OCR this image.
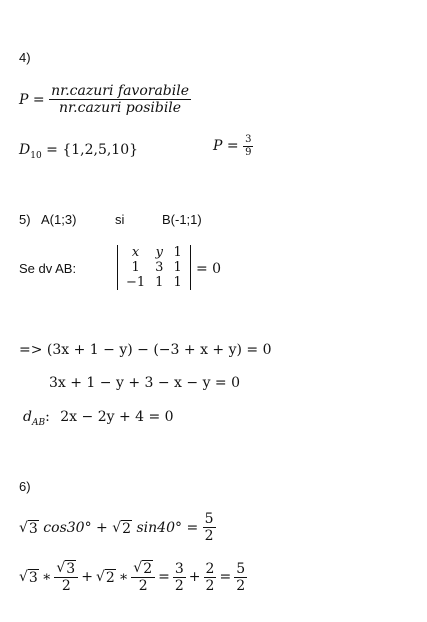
4)
$P = \frac{\text{nr.cazuri favorabile}}{\text{nr.cazuri posibile}}$
$D_{10} = \{1,2,5,10\}$	$P = \frac{3}{9}$
5) A(1;3)	si	B(-1;1)
Se dv AB:
x	y	1
1	3	1
−1	1	1
= 0
=> (3x + 1 − y) − (−3 + x + y) = 0
3x + 1 − y + 3 − x − y = 0
$d_{AB}$: 2x − 2y + 4 = 0
6)
√ 3 cos30° + √ 2 $\sin 40^\circ = \frac{5}{2}$
√ 3 ∗ $\frac{√ 3}{2}$ + √ 2 ∗ $\frac{√ 2}{2} = \frac{3}{2} + \frac{2}{2} = \frac{5}{2}$
